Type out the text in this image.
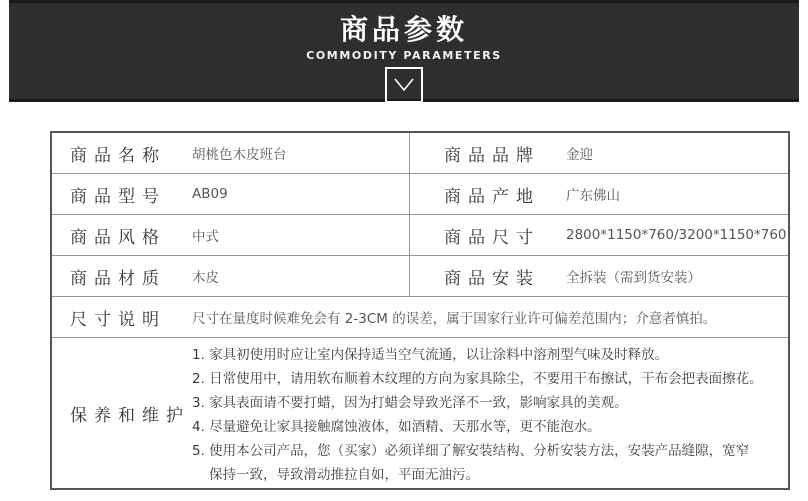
商品参数
COMMODITY PARAMETERS
商品名称	胡桃色木皮班台	商品品牌	金迎
商品型号	AB09	商品产地	广东佛山
商品风格	中式	商品尺寸	2800*1150*760/3200*1150*760
商品材质	木皮	商品安装	全拆装（需到货安装）
尺寸说明	尺寸在量度时候难免会有 2-3CM 的误差，属于国家行业许可偏差范围内；介意者慎拍。
保养和维护
1. 家具初使用时应让室内保持适当空气流通，以让涂料中溶剂型气味及时释放。
2. 日常使用中，请用软布顺着木纹理的方向为家具除尘，不要用干布擦试，干布会把表面擦花。
3. 家具表面请不要打蜡，因为打蜡会导致光泽不一致，影响家具的美观。
4. 尽量避免让家具接触腐蚀液体，如酒精、天那水等，更不能泡水。
5. 使用本公司产品，您（买家）必须详细了解安装结构、分析安装方法，安装产品缝隙，宽窄
保持一致，导致滑动推拉自如，平面无油污。
